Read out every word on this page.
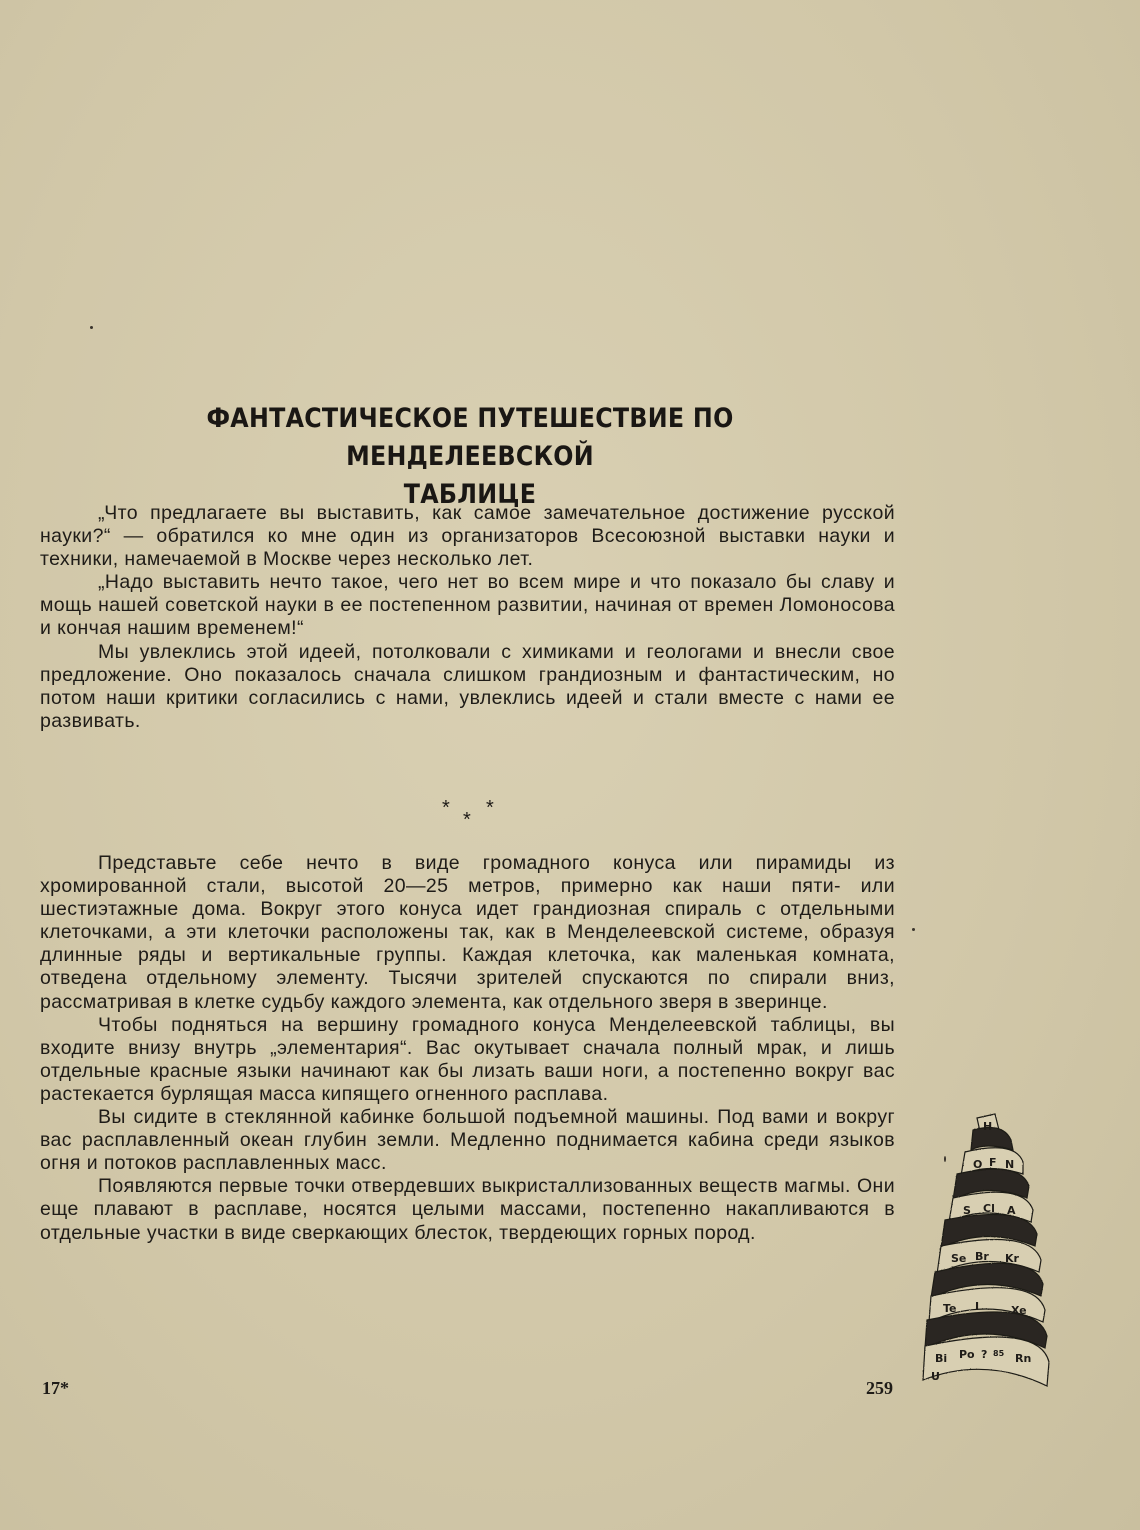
ФАНТАСТИЧЕСКОЕ ПУТЕШЕСТВИЕ ПО МЕНДЕЛЕЕВСКОЙ
ТАБЛИЦЕ

„Что предлагаете вы выставить, как самое замечательное достижение русской науки?“ — обратился ко мне один из организаторов Всесоюзной выставки науки и техники, намечаемой в Москве через несколько лет.

„Надо выставить нечто такое, чего нет во всем мире и что показало бы славу и мощь нашей советской науки в ее постепенном развитии, начиная от времен Ломоносова и кончая нашим временем!“

Мы увлеклись этой идеей, потолковали с химиками и геологами и внесли свое предложение. Оно показалось сначала слишком грандиозным и фантастическим, но потом наши критики согласились с нами, увлеклись идеей и стали вместе с нами ее развивать.

*
*
*

Представьте себе нечто в виде громадного конуса или пирамиды из хромированной стали, высотой 20—25 метров, примерно как наши пяти- или шестиэтажные дома. Вокруг этого конуса идет грандиозная спираль с отдельными клеточками, а эти клеточки расположены так, как в Менделеевской системе, образуя длинные ряды и вертикальные группы. Каждая клеточка, как маленькая комната, отведена отдельному элементу. Тысячи зрителей спускаются по спирали вниз, рассматривая в клетке судьбу каждого элемента, как отдельного зверя в зверинце.

Чтобы подняться на вершину громадного конуса Менделеевской таблицы, вы входите внизу внутрь „элементария“. Вас окутывает сначала полный мрак, и лишь отдельные красные языки начинают как бы лизать ваши ноги, а постепенно вокруг вас растекается бурлящая масса кипящего огненного расплава.

Вы сидите в стеклянной кабинке большой подъемной машины. Под вами и вокруг вас расплавленный океан глубин земли. Медленно поднимается кабина среди языков огня и потоков расплавленных масс.

Появляются первые точки отвердевших выкристаллизованных веществ магмы. Они еще плавают в расплаве, носятся целыми массами, постепенно накапливаются в отдельные участки в виде сверкающих блесток, твердеющих горных пород.

17*	259
H
O F N
S Cl A
Se Br Kr
Te I	Xe
Bi Po ? 85 Rn
U
